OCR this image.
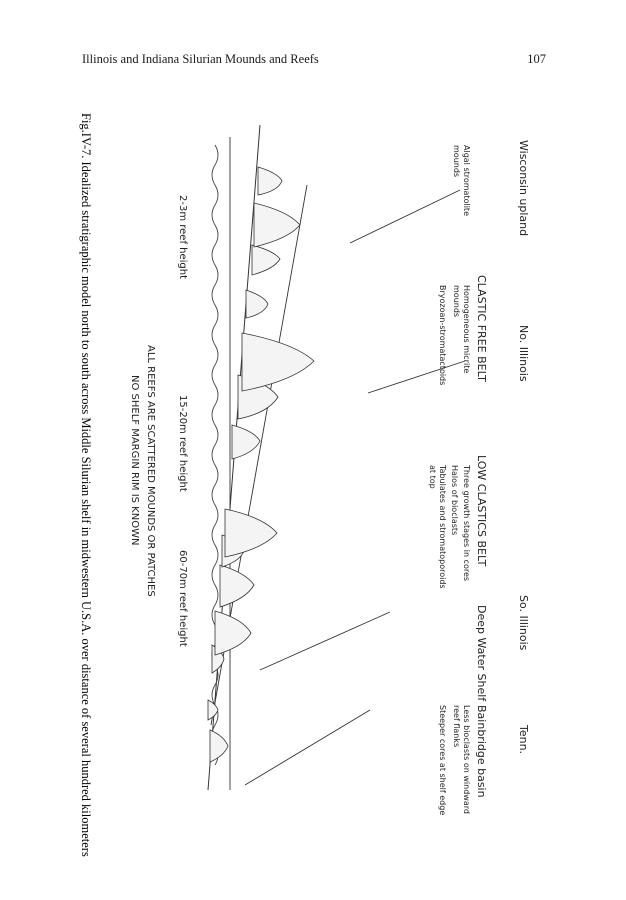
Illinois and Indiana Silurian Mounds and Reefs	107
Wisconsin upland
No. Illinois
So. Illinois
Tenn.
CLASTIC FREE BELT
LOW CLASTICS BELT
Deep Water Shelf
Bainbridge basin
Algal stromatolite
mounds
Homogeneous micrite
mounds
Bryozoan-stromatactoids
Three growth stages in cores
Halos of bioclasts
Tabulates and stromatoporoids
at top
Less bioclasts on windward
reef flanks
Steeper cores at shelf edge
2-3m reef height
15-20m reef height
60-70m reef height
ALL REEFS ARE SCATTERED MOUNDS OR PATCHES
NO SHELF MARGIN RIM IS KNOWN
Fig.IV-7. Idealized stratigraphic model north to south across Middle Silurian shelf in midwestern U.S.A. over distance of several hundred kilometers
